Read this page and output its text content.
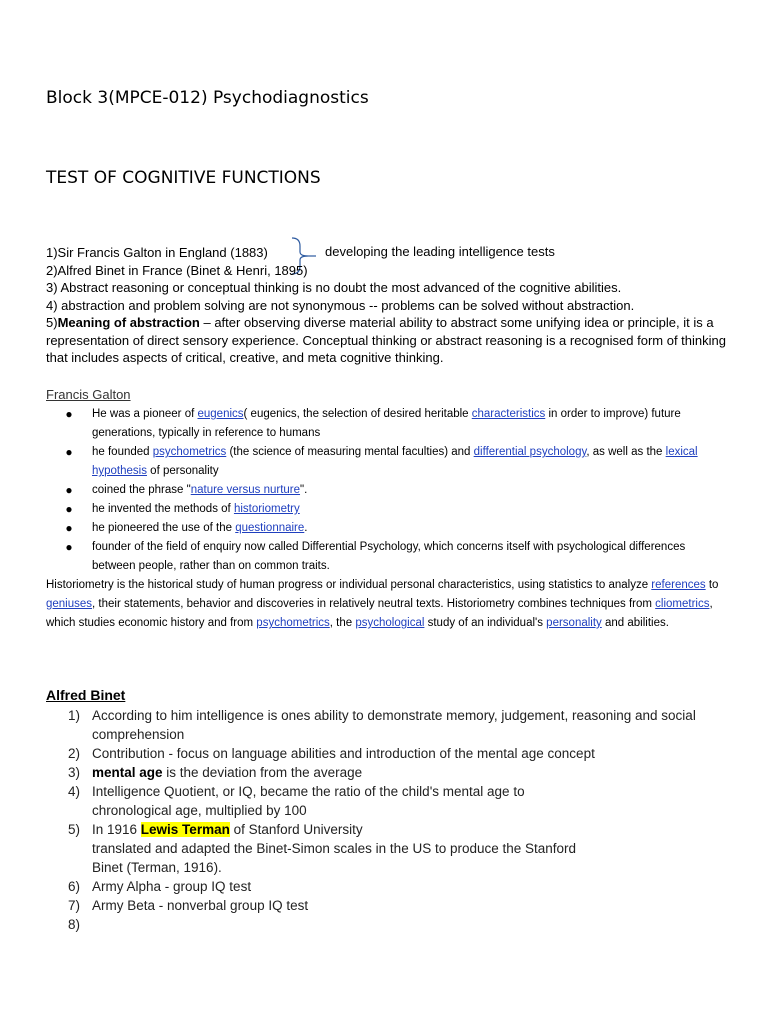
Block 3(MPCE-012) Psychodiagnostics
TEST OF COGNITIVE FUNCTIONS
developing the leading intelligence tests

1)Sir Francis Galton in England (1883)

2)Alfred Binet in France (Binet & Henri, 1895)

3) Abstract reasoning or conceptual thinking is no doubt the most advanced of the cognitive abilities.

4) abstraction and problem solving are not synonymous -- problems can be solved without abstraction.

5)Meaning of abstraction – after observing diverse material ability to abstract some unifying idea or principle, it is a representation of direct sensory experience. Conceptual thinking or abstract reasoning is a recognised form of thinking that includes aspects of critical, creative, and meta cognitive thinking.

Francis Galton
● He was a pioneer of eugenics( eugenics, the selection of desired heritable characteristics in order to improve) future generations, typically in reference to humans
● he founded psychometrics (the science of measuring mental faculties) and differential psychology, as well as the lexical hypothesis of personality
● coined the phrase "nature versus nurture".
● he invented the methods of historiometry
● he pioneered the use of the questionnaire.
● founder of the field of enquiry now called Differential Psychology, which concerns itself with psychological differences between people, rather than on common traits.

Historiometry is the historical study of human progress or individual personal characteristics, using statistics to analyze references to geniuses, their statements, behavior and discoveries in relatively neutral texts. Historiometry combines techniques from cliometrics, which studies economic history and from psychometrics, the psychological study of an individual's personality and abilities.

Alfred Binet
1) According to him intelligence is ones ability to demonstrate memory, judgement, reasoning and social comprehension
2) Contribution - focus on language abilities and introduction of the mental age concept
3) mental age is the deviation from the average
4) Intelligence Quotient, or IQ, became the ratio of the child's mental age to chronological age, multiplied by 100
5) In 1916 Lewis Terman of Stanford University
translated and adapted the Binet-Simon scales in the US to produce the Stanford
Binet (Terman, 1916).
6) Army Alpha - group IQ test
7) Army Beta - nonverbal group IQ test
8)
